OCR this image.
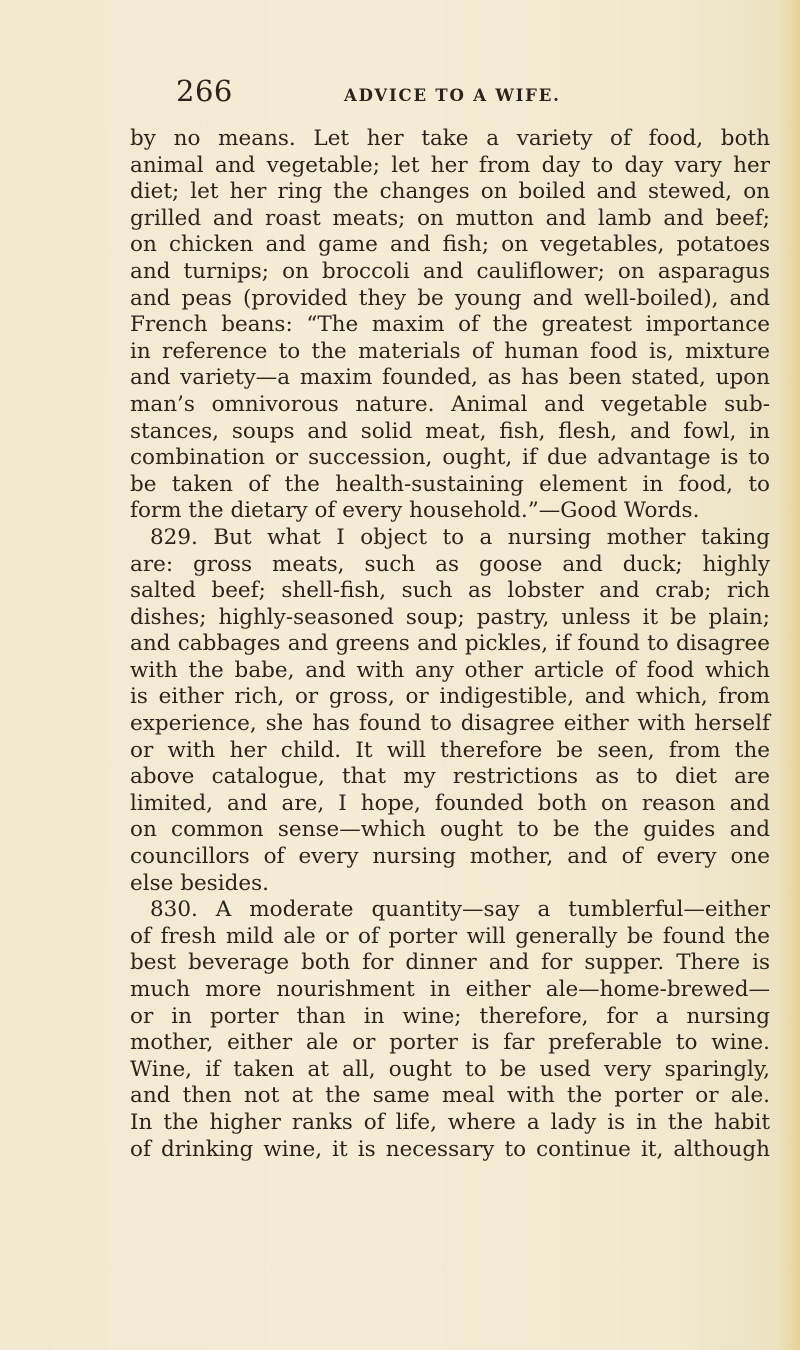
266	ADVICE TO A WIFE.
by no means. Let her take a variety of food, both
animal and vegetable; let her from day to day vary her
diet; let her ring the changes on boiled and stewed, on
grilled and roast meats; on mutton and lamb and beef;
on chicken and game and fish; on vegetables, potatoes
and turnips; on broccoli and cauliflower; on asparagus
and peas (provided they be young and well-boiled), and
French beans: “The maxim of the greatest importance
in reference to the materials of human food is, mixture
and variety—a maxim founded, as has been stated, upon
man’s omnivorous nature. Animal and vegetable sub-
stances, soups and solid meat, fish, flesh, and fowl, in
combination or succession, ought, if due advantage is to
be taken of the health-sustaining element in food, to
form the dietary of every household.”—Good Words.
829. But what I object to a nursing mother taking
are: gross meats, such as goose and duck; highly
salted beef; shell-fish, such as lobster and crab; rich
dishes; highly-seasoned soup; pastry, unless it be plain;
and cabbages and greens and pickles, if found to disagree
with the babe, and with any other article of food which
is either rich, or gross, or indigestible, and which, from
experience, she has found to disagree either with herself
or with her child. It will therefore be seen, from the
above catalogue, that my restrictions as to diet are
limited, and are, I hope, founded both on reason and
on common sense—which ought to be the guides and
councillors of every nursing mother, and of every one
else besides.
830. A moderate quantity—say a tumblerful—either
of fresh mild ale or of porter will generally be found the
best beverage both for dinner and for supper. There is
much more nourishment in either ale—home-brewed—
or in porter than in wine; therefore, for a nursing
mother, either ale or porter is far preferable to wine.
Wine, if taken at all, ought to be used very sparingly,
and then not at the same meal with the porter or ale.
In the higher ranks of life, where a lady is in the habit
of drinking wine, it is necessary to continue it, although
